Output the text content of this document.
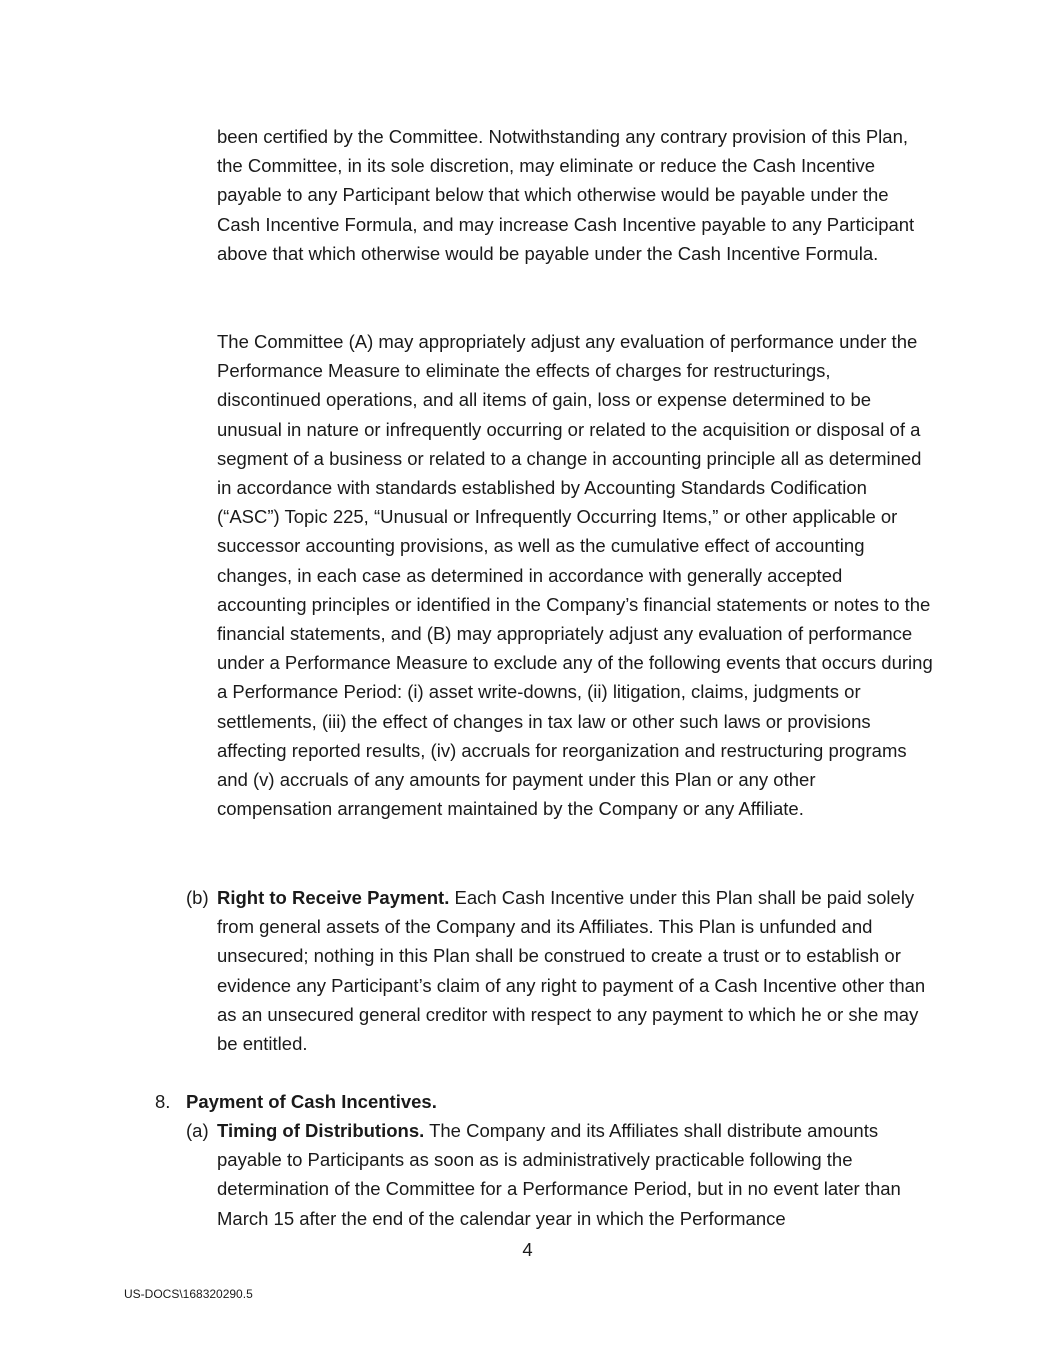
been certified by the Committee. Notwithstanding any contrary provision of this Plan, the Committee, in its sole discretion, may eliminate or reduce the Cash Incentive payable to any Participant below that which otherwise would be payable under the Cash Incentive Formula, and may increase Cash Incentive payable to any Participant above that which otherwise would be payable under the Cash Incentive Formula.
The Committee (A) may appropriately adjust any evaluation of performance under the Performance Measure to eliminate the effects of charges for restructurings, discontinued operations, and all items of gain, loss or expense determined to be unusual in nature or infrequently occurring or related to the acquisition or disposal of a segment of a business or related to a change in accounting principle all as determined in accordance with standards established by Accounting Standards Codification (“ASC”) Topic 225, “Unusual or Infrequently Occurring Items,” or other applicable or successor accounting provisions, as well as the cumulative effect of accounting changes, in each case as determined in accordance with generally accepted accounting principles or identified in the Company’s financial statements or notes to the financial statements, and (B) may appropriately adjust any evaluation of performance under a Performance Measure to exclude any of the following events that occurs during a Performance Period: (i) asset write-downs, (ii) litigation, claims, judgments or settlements, (iii) the effect of changes in tax law or other such laws or provisions affecting reported results, (iv) accruals for reorganization and restructuring programs and (v) accruals of any amounts for payment under this Plan or any other compensation arrangement maintained by the Company or any Affiliate.
(b) Right to Receive Payment. Each Cash Incentive under this Plan shall be paid solely from general assets of the Company and its Affiliates. This Plan is unfunded and unsecured; nothing in this Plan shall be construed to create a trust or to establish or evidence any Participant’s claim of any right to payment of a Cash Incentive other than as an unsecured general creditor with respect to any payment to which he or she may be entitled.
8. Payment of Cash Incentives.
(a) Timing of Distributions. The Company and its Affiliates shall distribute amounts payable to Participants as soon as is administratively practicable following the determination of the Committee for a Performance Period, but in no event later than March 15 after the end of the calendar year in which the Performance
4
US-DOCS\168320290.5
